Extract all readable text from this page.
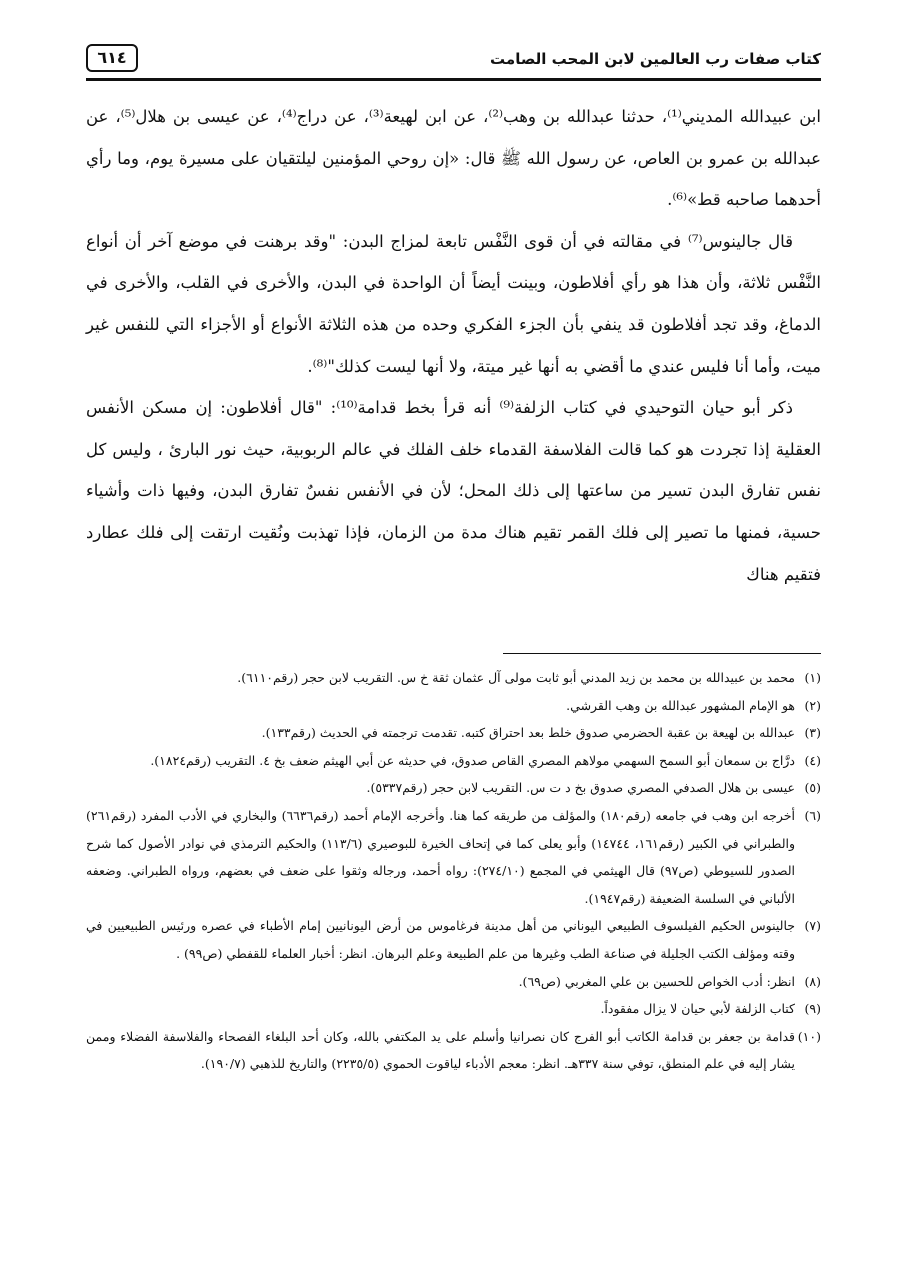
كتاب صفات رب العالمين لابن المحب الصامت
٦١٤

ابن عبيدالله المديني⁽¹⁾، حدثنا عبدالله بن وهب⁽²⁾، عن ابن لهيعة⁽³⁾، عن دراج⁽⁴⁾، عن عيسى بن هلال⁽⁵⁾، عن عبدالله بن عمرو بن العاص، عن رسول الله ﷺ قال: «إن روحي المؤمنين ليلتقيان على مسيرة يوم، وما رأي أحدهما صاحبه قط»⁽⁶⁾.

قال جالينوس⁽⁷⁾ في مقالته في أن قوى النَّفْس تابعة لمزاج البدن: "وقد برهنت في موضع آخر أن أنواع النَّفْس ثلاثة، وأن هذا هو رأي أفلاطون، وبينت أيضاً أن الواحدة في البدن، والأخرى في القلب، والأخرى في الدماغ، وقد تجد أفلاطون قد ينفي بأن الجزء الفكري وحده من هذه الثلاثة الأنواع أو الأجزاء التي للنفس غير ميت، وأما أنا فليس عندي ما أقضي به أنها غير ميتة، ولا أنها ليست كذلك"⁽⁸⁾.

ذكر أبو حيان التوحيدي في كتاب الزلفة⁽⁹⁾ أنه قرأ بخط قدامة⁽¹⁰⁾: "قال أفلاطون: إن مسكن الأنفس العقلية إذا تجردت هو كما قالت الفلاسفة القدماء خلف الفلك في عالم الربوبية، حيث نور البارئ ، وليس كل نفس تفارق البدن تسير من ساعتها إلى ذلك المحل؛ لأن في الأنفس نفسٌ تفارق البدن، وفيها ذات وأشياء حسية، فمنها ما تصير إلى فلك القمر تقيم هناك مدة من الزمان، فإذا تهذبت ونُقيت ارتقت إلى فلك عطارد فتقيم هناك

(١)محمد بن عبيدالله بن محمد بن زيد المدني أبو ثابت مولى آل عثمان ثقة خ س. التقريب لابن حجر (رقم٦١١٠).

(٢)هو الإمام المشهور عبدالله بن وهب القرشي.

(٣)عبدالله بن لهيعة بن عقبة الحضرمي صدوق خلط بعد احتراق كتبه. تقدمت ترجمته في الحديث (رقم١٣٣).

(٤)درَّاج بن سمعان أبو السمح السهمي مولاهم المصري القاص صدوق، في حديثه عن أبي الهيثم ضعف بخ ٤. التقريب (رقم١٨٢٤).

(٥)عيسى بن هلال الصدفي المصري صدوق بخ د ت س. التقريب لابن حجر (رقم٥٣٣٧).

(٦)أخرجه ابن وهب في جامعه (رقم١٨٠) والمؤلف من طريقه كما هنا. وأخرجه الإمام أحمد (رقم٦٦٣٦) والبخاري في الأدب المفرد (رقم٢٦١) والطبراني في الكبير (رقم١٦١، ١٤٧٤٤) وأبو يعلى كما في إتحاف الخيرة للبوصيري (١١٣/٦) والحكيم الترمذي في نوادر الأصول كما شرح الصدور للسيوطي (ص٩٧) قال الهيثمي في المجمع (٢٧٤/١٠): رواه أحمد، ورجاله وثقوا على ضعف في بعضهم، ورواه الطبراني. وضعفه الألباني في السلسة الضعيفة (رقم١٩٤٧).

(٧)جالينوس الحكيم الفيلسوف الطبيعي اليوناني من أهل مدينة فرغاموس من أرض اليونانيين إمام الأطباء في عصره ورئيس الطبيعيين في وقته ومؤلف الكتب الجليلة في صناعة الطب وغيرها من علم الطبيعة وعلم البرهان. انظر: أخبار العلماء للقفطي (ص٩٩) .

(٨)انظر: أدب الخواص للحسين بن علي المغربي (ص٦٩).

(٩)كتاب الزلفة لأبي حيان لا يزال مفقوداً.

(١٠)قدامة بن جعفر بن قدامة الكاتب أبو الفرج كان نصرانيا وأسلم على يد المكتفي بالله، وكان أحد البلغاء الفصحاء والفلاسفة الفضلاء وممن يشار إليه في علم المنطق، توفي سنة ٣٣٧هـ. انظر: معجم الأدباء لياقوت الحموي (٢٢٣٥/٥) والتاريخ للذهبي (١٩٠/٧).
